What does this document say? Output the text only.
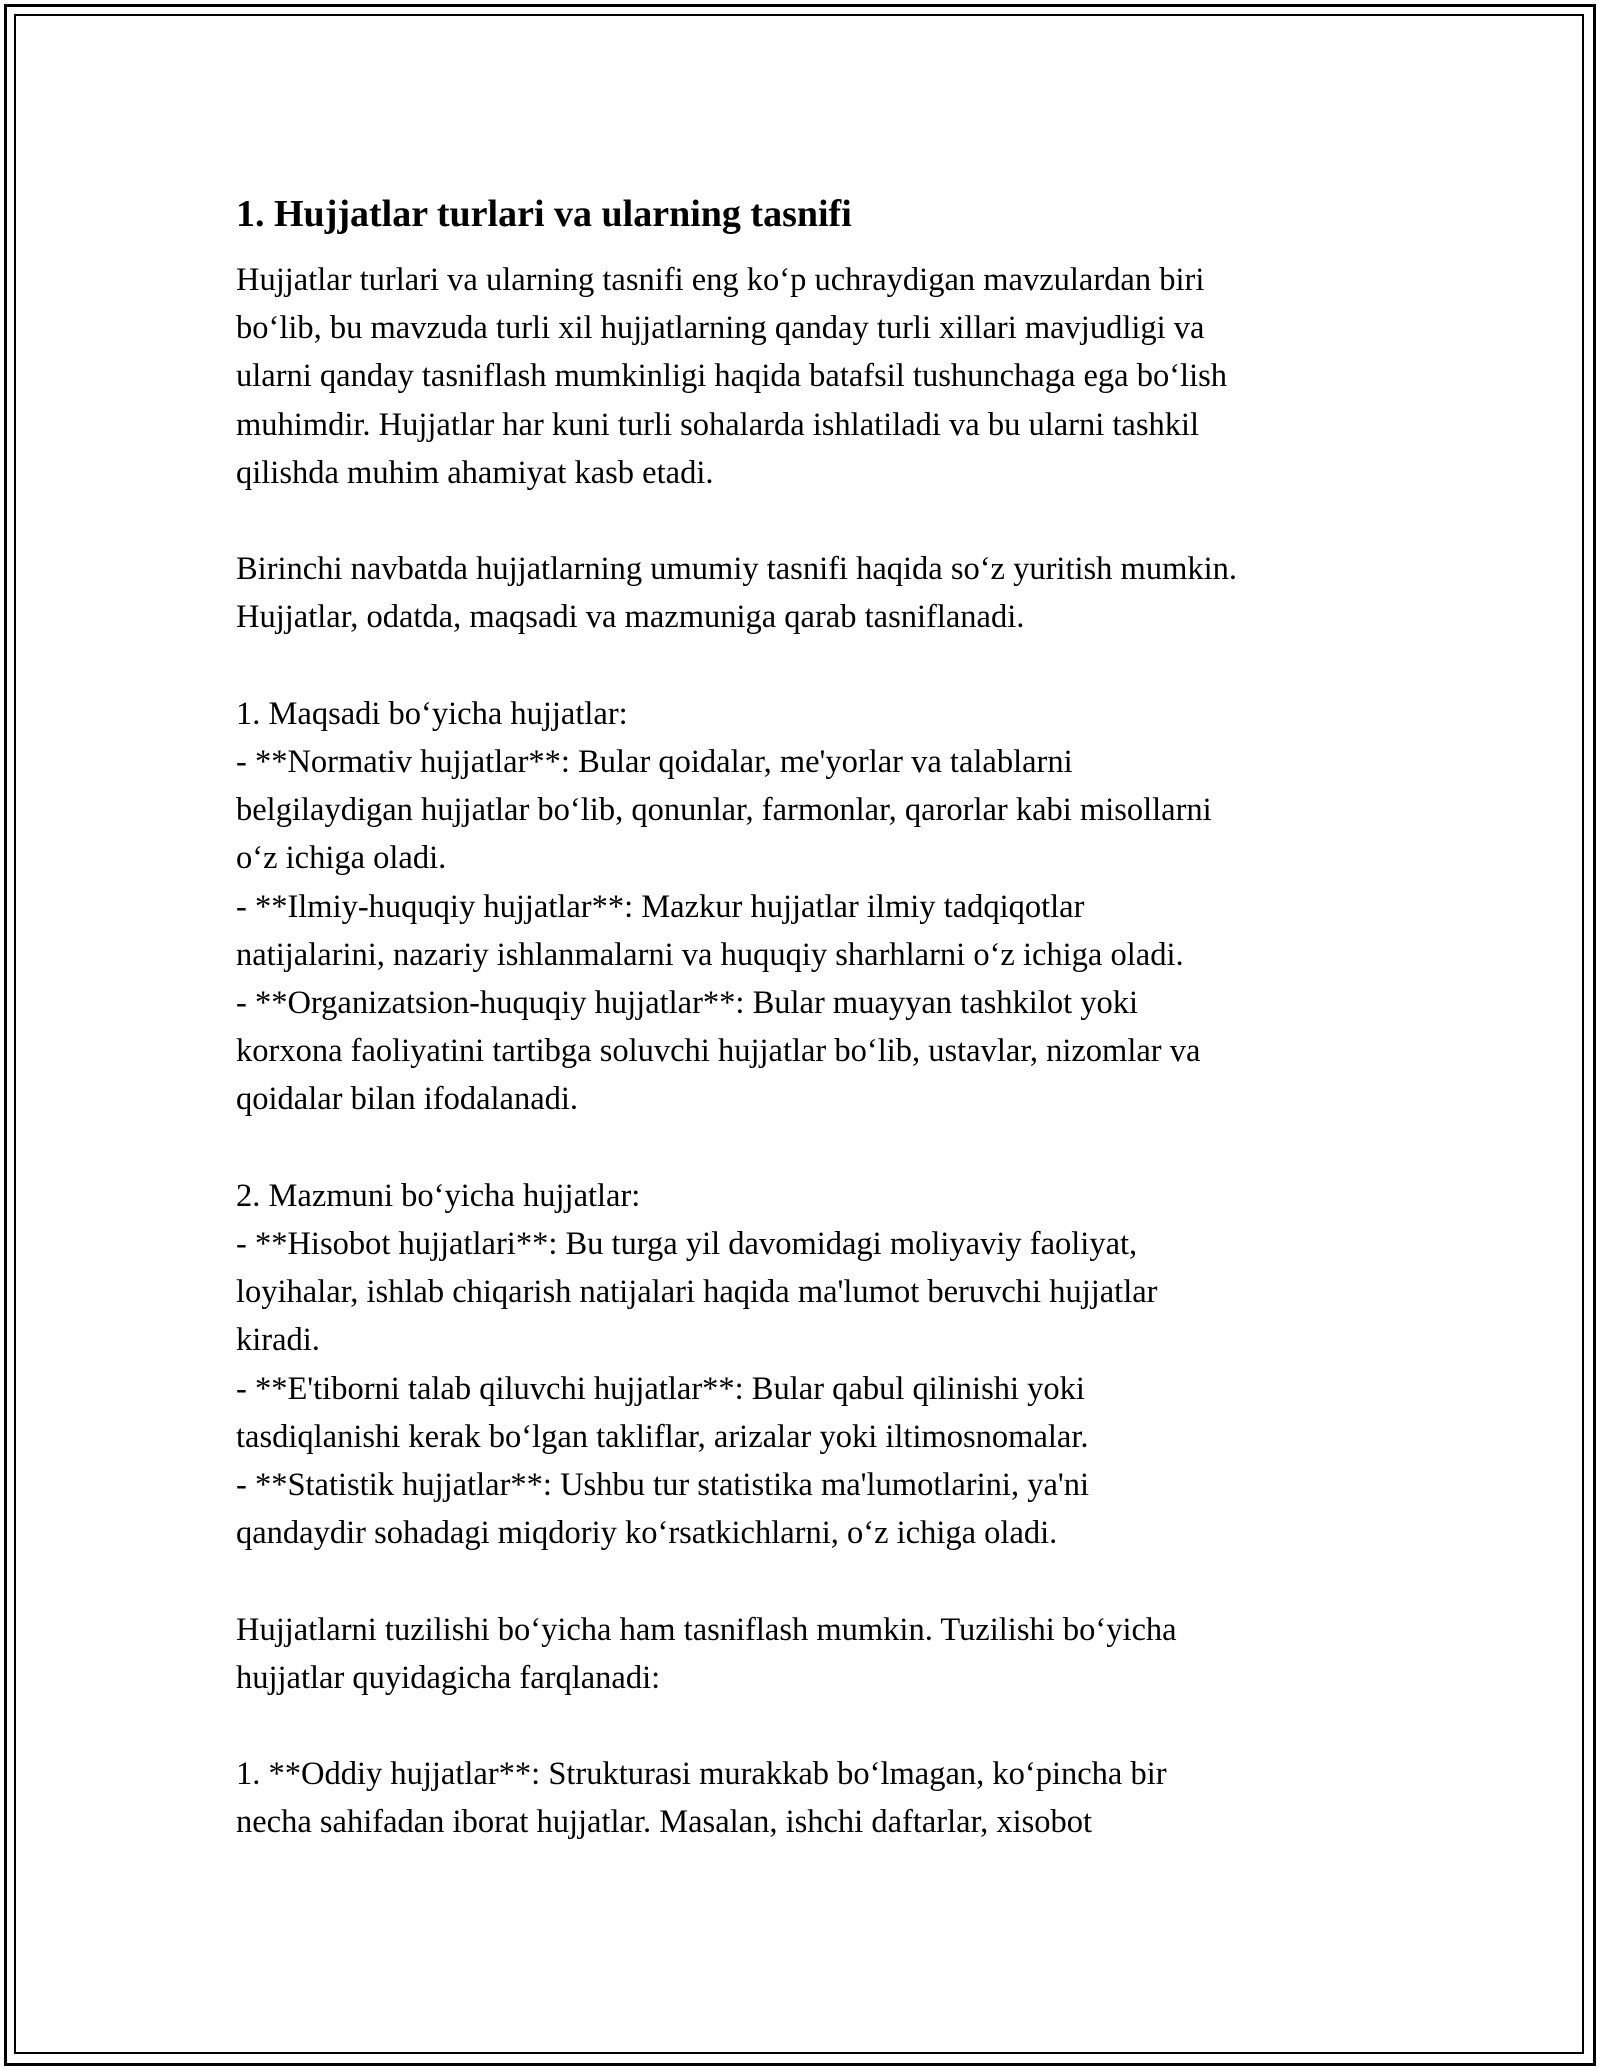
1. Hujjatlar turlari va ularning tasnifi

Hujjatlar turlari va ularning tasnifi eng koʻp uchraydigan mavzulardan biri
boʻlib, bu mavzuda turli xil hujjatlarning qanday turli xillari mavjudligi va
ularni qanday tasniflash mumkinligi haqida batafsil tushunchaga ega boʻlish
muhimdir. Hujjatlar har kuni turli sohalarda ishlatiladi va bu ularni tashkil
qilishda muhim ahamiyat kasb etadi.

Birinchi navbatda hujjatlarning umumiy tasnifi haqida soʻz yuritish mumkin.
Hujjatlar, odatda, maqsadi va mazmuniga qarab tasniflanadi.

1. Maqsadi boʻyicha hujjatlar:
- **Normativ hujjatlar**: Bular qoidalar, me'yorlar va talablarni
belgilaydigan hujjatlar boʻlib, qonunlar, farmonlar, qarorlar kabi misollarni
oʻz ichiga oladi.
- **Ilmiy-huquqiy hujjatlar**: Mazkur hujjatlar ilmiy tadqiqotlar
natijalarini, nazariy ishlanmalarni va huquqiy sharhlarni oʻz ichiga oladi.
- **Organizatsion-huquqiy hujjatlar**: Bular muayyan tashkilot yoki
korxona faoliyatini tartibga soluvchi hujjatlar boʻlib, ustavlar, nizomlar va
qoidalar bilan ifodalanadi.

2. Mazmuni boʻyicha hujjatlar:
- **Hisobot hujjatlari**: Bu turga yil davomidagi moliyaviy faoliyat,
loyihalar, ishlab chiqarish natijalari haqida ma'lumot beruvchi hujjatlar
kiradi.
- **E'tiborni talab qiluvchi hujjatlar**: Bular qabul qilinishi yoki
tasdiqlanishi kerak boʻlgan takliflar, arizalar yoki iltimosnomalar.
- **Statistik hujjatlar**: Ushbu tur statistika ma'lumotlarini, ya'ni
qandaydir sohadagi miqdoriy koʻrsatkichlarni, oʻz ichiga oladi.

Hujjatlarni tuzilishi boʻyicha ham tasniflash mumkin. Tuzilishi boʻyicha
hujjatlar quyidagicha farqlanadi:

1. **Oddiy hujjatlar**: Strukturasi murakkab boʻlmagan, koʻpincha bir
necha sahifadan iborat hujjatlar. Masalan, ishchi daftarlar, xisobot
